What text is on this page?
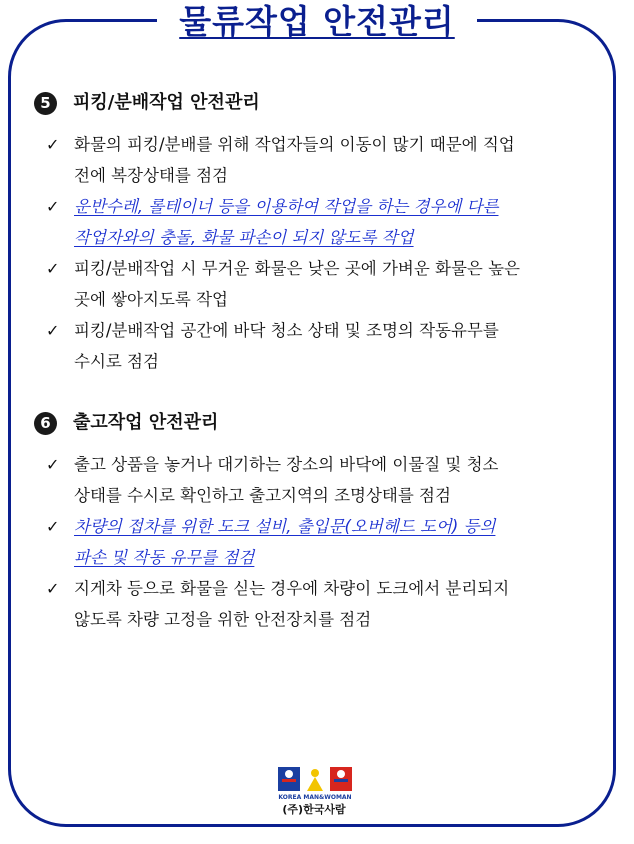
물류작업 안전관리
5	피킹/분배작업 안전관리
✓ 화물의 피킹/분배를 위해 작업자들의 이동이 많기 때문에 직업
전에 복장상태를 점검
✓ 운반수레, 롤테이너 등을 이용하여 작업을 하는 경우에 다른
작업자와의 충돌, 화물 파손이 되지 않도록 작업
✓ 피킹/분배작업 시 무거운 화물은 낮은 곳에 가벼운 화물은 높은
곳에 쌓아지도록 작업
✓ 피킹/분배작업 공간에 바닥 청소 상태 및 조명의 작동유무를
수시로 점검
6	출고작업 안전관리
✓ 출고 상품을 놓거나 대기하는 장소의 바닥에 이물질 및 청소
상태를 수시로 확인하고 출고지역의 조명상태를 점검
✓ 차량의 접차를 위한 도크 설비, 출입문(오버헤드 도어) 등의
파손 및 작동 유무를 점검
✓ 지게차 등으로 화물을 싣는 경우에 차량이 도크에서 분리되지
않도록 차량 고정을 위한 안전장치를 점검
KOREA MAN&WOMAN
(주)한국사람
